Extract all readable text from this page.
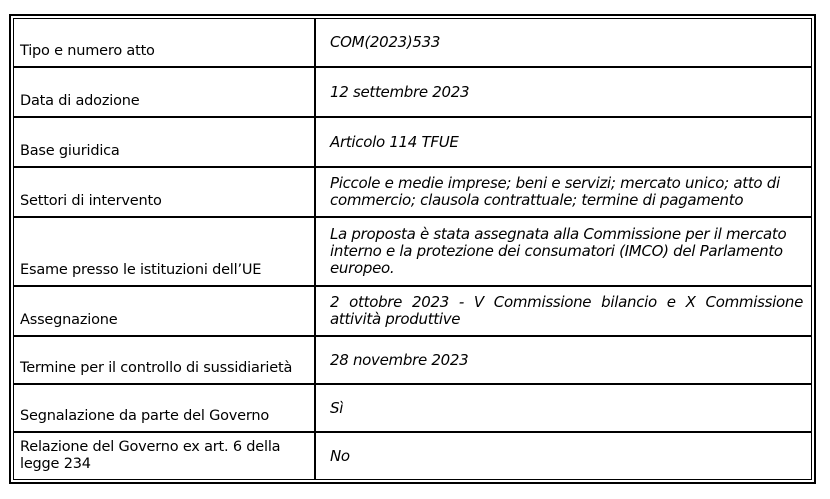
Tipo e numero atto	COM(2023)533
Data di adozione	12 settembre 2023
Base giuridica	Articolo 114 TFUE
Settori di intervento	Piccole e medie imprese; beni e servizi; mercato unico; atto di commercio; clausola contrattuale; termine di pagamento
Esame presso le istituzioni dell’UE	La proposta è stata assegnata alla Commissione per il mercato interno e la protezione dei consumatori (IMCO) del Parlamento europeo.
Assegnazione	2 ottobre 2023 - V Commissione bilancio e X Commissione attività produttive
Termine per il controllo di sussidiarietà	28 novembre 2023
Segnalazione da parte del Governo	Sì
Relazione del Governo ex art. 6 della legge 234	No
